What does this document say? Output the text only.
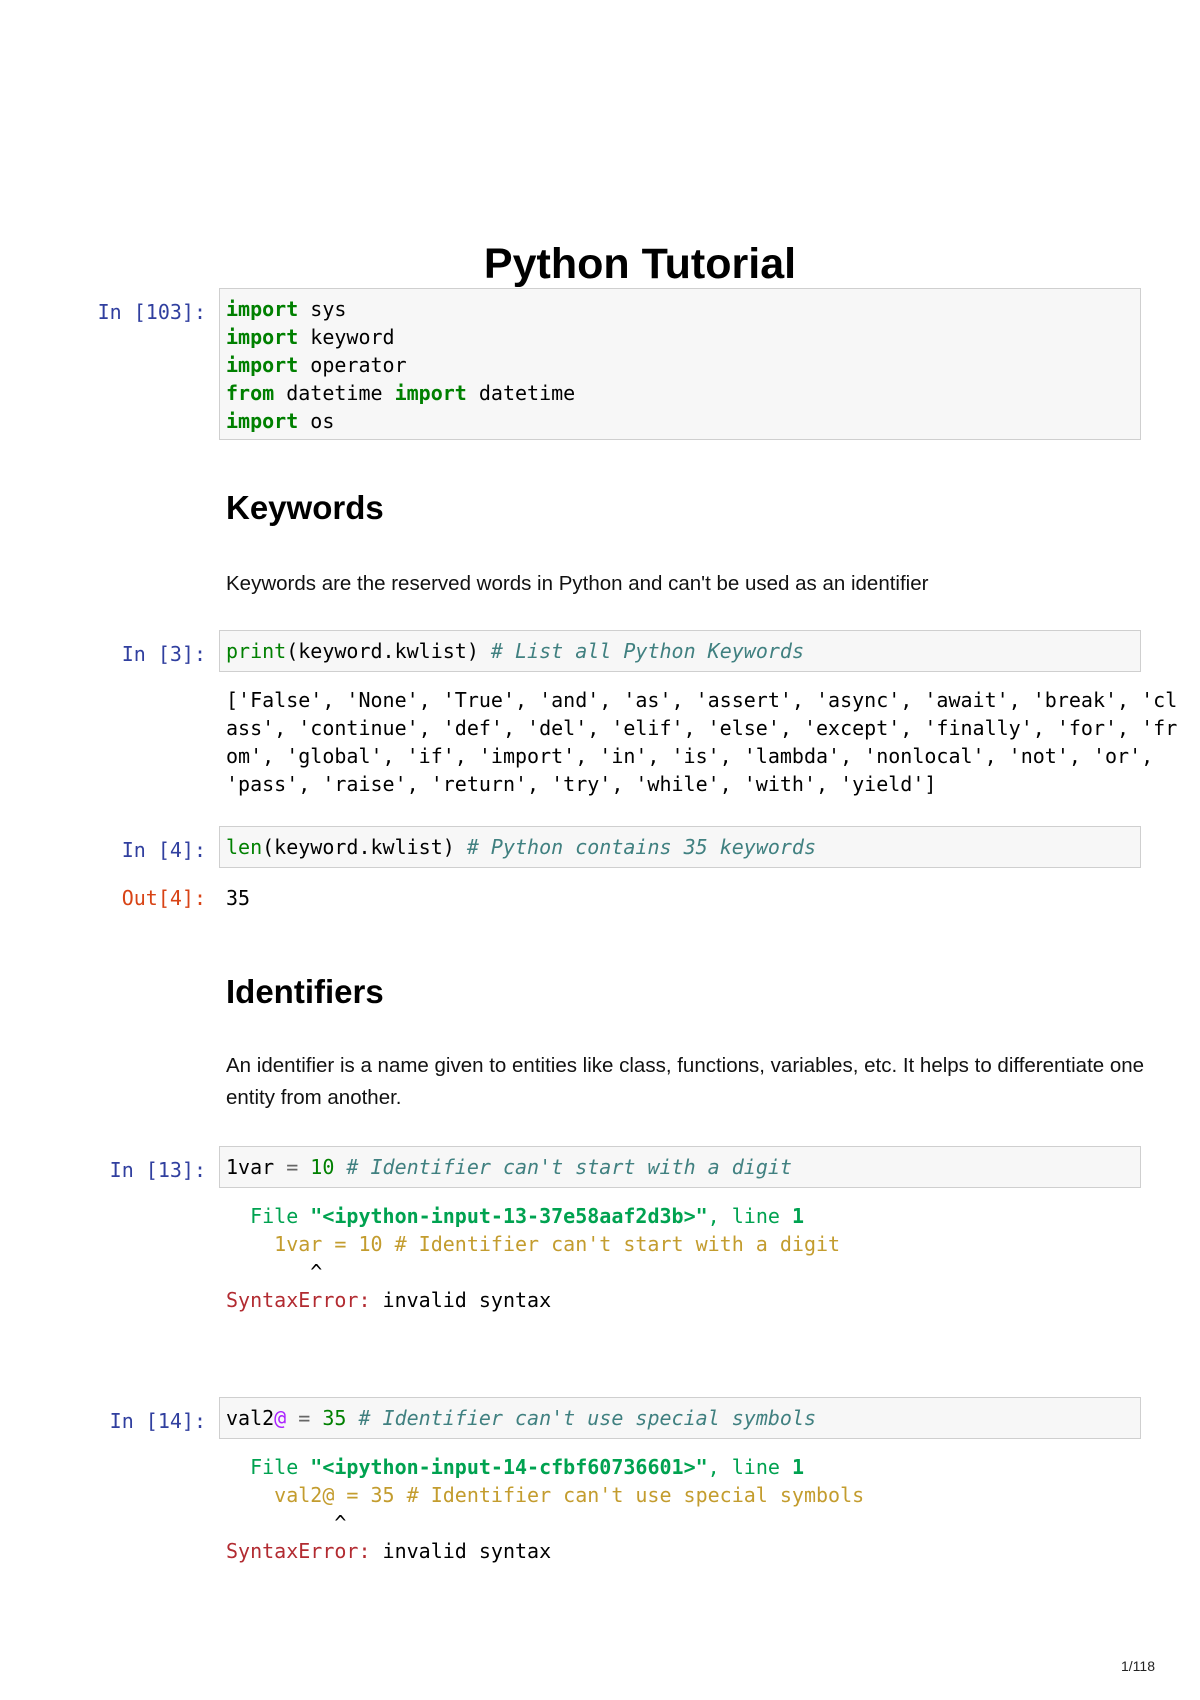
Python Tutorial
In [103]: import sys
import keyword
import operator
from datetime import datetime
import os
Keywords

Keywords are the reserved words in Python and can't be used as an identifier

In [3]: print(keyword.kwlist) # List all Python Keywords
['False', 'None', 'True', 'and', 'as', 'assert', 'async', 'await', 'break', 'cl
ass', 'continue', 'def', 'del', 'elif', 'else', 'except', 'finally', 'for', 'fr
om', 'global', 'if', 'import', 'in', 'is', 'lambda', 'nonlocal', 'not', 'or',
'pass', 'raise', 'return', 'try', 'while', 'with', 'yield']
In [4]: len(keyword.kwlist) # Python contains 35 keywords
Out[4]: 35
Identifiers

An identifier is a name given to entities like class, functions, variables, etc. It helps to differentiate one entity from another.

In [13]: 1var = 10 # Identifier can't start with a digit
File "<ipython-input-13-37e58aaf2d3b>", line 1
1var = 10 # Identifier can't start with a digit
^
SyntaxError: invalid syntax
In [14]: val2@ = 35 # Identifier can't use special symbols
File "<ipython-input-14-cfbf60736601>", line 1
val2@ = 35 # Identifier can't use special symbols
^
SyntaxError: invalid syntax
1/118
